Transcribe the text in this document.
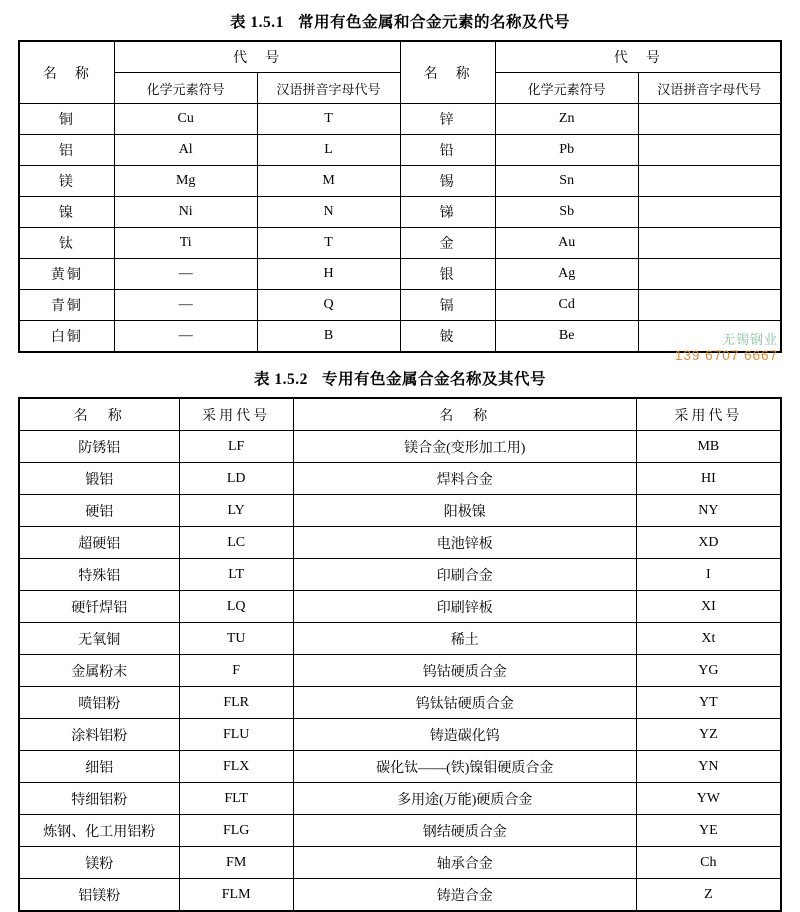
表 1.5.1 常用有色金属和合金元素的名称及代号
名　称	代　号		名　称	代　号	
	化学元素符号	汉语拼音字母代号		化学元素符号	汉语拼音字母代号
铜	Cu	T	锌	Zn	
铝	Al	L	铅	Pb	
镁	Mg	M	锡	Sn	
镍	Ni	N	锑	Sb	
钛	Ti	T	金	Au	
黄铜	—	H	银	Ag	
青铜	—	Q	镉	Cd	
白铜	—	B	铍	Be	
表 1.5.2 专用有色金属合金名称及其代号
名　称	采用代号	名　称	采用代号
防锈铝	LF	镁合金(变形加工用)	MB
锻铝	LD	焊料合金	HI
硬铝	LY	阳极镍	NY
超硬铝	LC	电池锌板	XD
特殊铝	LT	印刷合金	I
硬钎焊铝	LQ	印刷锌板	XI
无氧铜	TU	稀土	Xt
金属粉末	F	钨钴硬质合金	YG
喷铝粉	FLR	钨钛钴硬质合金	YT
涂料铝粉	FLU	铸造碳化钨	YZ
细铝	FLX	碳化钛——(铁)镍钼硬质合金	YN
特细铝粉	FLT	多用途(万能)硬质合金	YW
炼钢、化工用铝粉	FLG	钢结硬质合金	YE
镁粉	FM	轴承合金	Ch
铝镁粉	FLM	铸造合金	Z
无锡钢业
139 6707 6667
